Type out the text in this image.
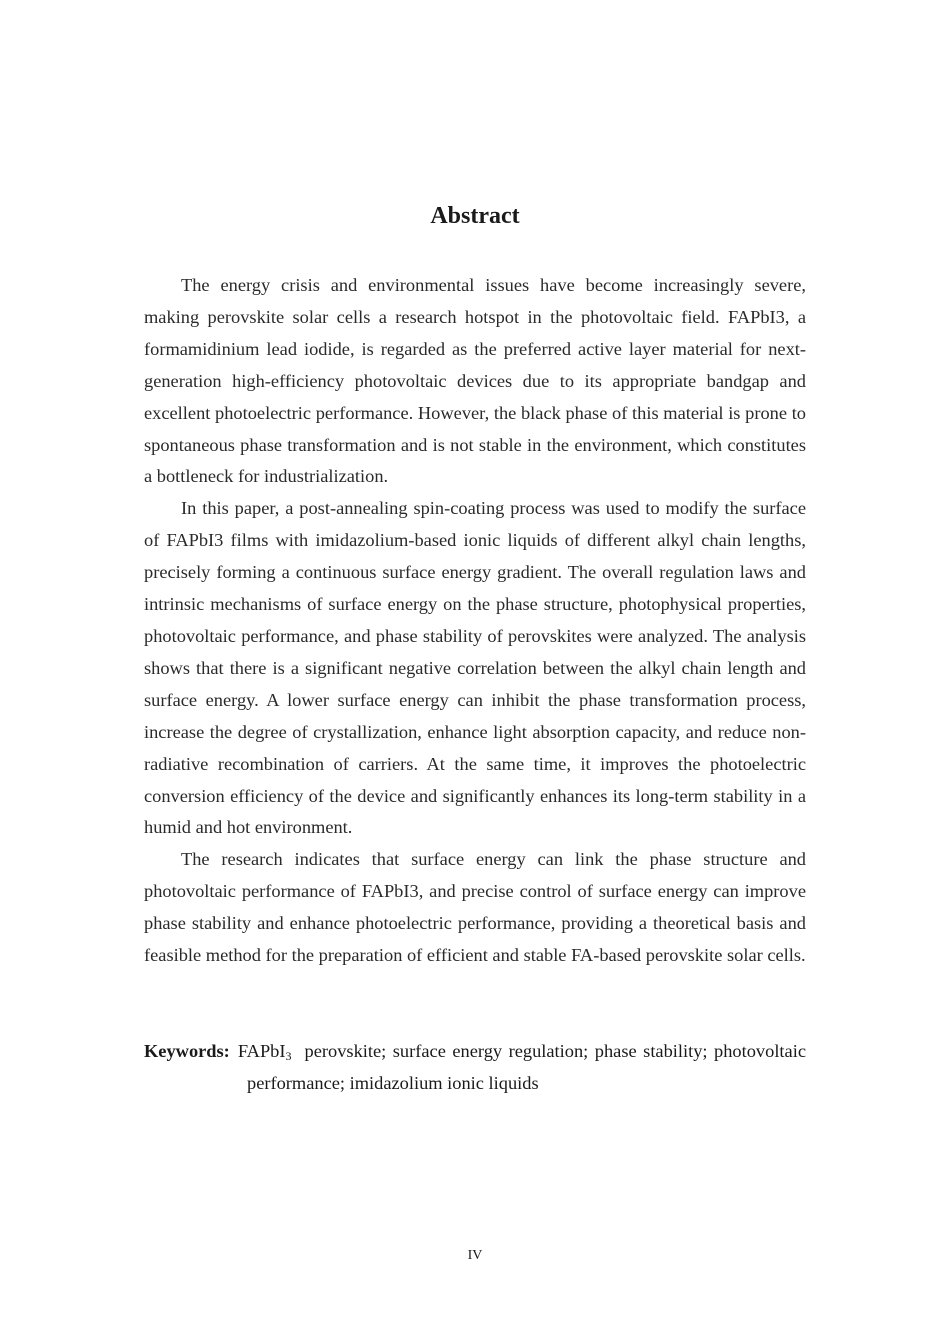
Abstract

The energy crisis and environmental issues have become increasingly severe, making perovskite solar cells a research hotspot in the photovoltaic field. FAPbI3, a formamidinium lead iodide, is regarded as the preferred active layer material for next-generation high-efficiency photovoltaic devices due to its appropriate bandgap and excellent photoelectric performance. However, the black phase of this material is prone to spontaneous phase transformation and is not stable in the environment, which constitutes a bottleneck for industrialization.

In this paper, a post-annealing spin-coating process was used to modify the surface of FAPbI3 films with imidazolium-based ionic liquids of different alkyl chain lengths, precisely forming a continuous surface energy gradient. The overall regulation laws and intrinsic mechanisms of surface energy on the phase structure, photophysical properties, photovoltaic performance, and phase stability of perovskites were analyzed. The analysis shows that there is a significant negative correlation between the alkyl chain length and surface energy. A lower surface energy can inhibit the phase transformation process, increase the degree of crystallization, enhance light absorption capacity, and reduce non-radiative recombination of carriers. At the same time, it improves the photoelectric conversion efficiency of the device and significantly enhances its long-term stability in a humid and hot environment.

The research indicates that surface energy can link the phase structure and photovoltaic performance of FAPbI3, and precise control of surface energy can improve phase stability and enhance photoelectric performance, providing a theoretical basis and feasible method for the preparation of efficient and stable FA-based perovskite solar cells.

Keywords: FAPbI$_3$ perovskite; surface energy regulation; phase stability; photovoltaic performance; imidazolium ionic liquids
IV
